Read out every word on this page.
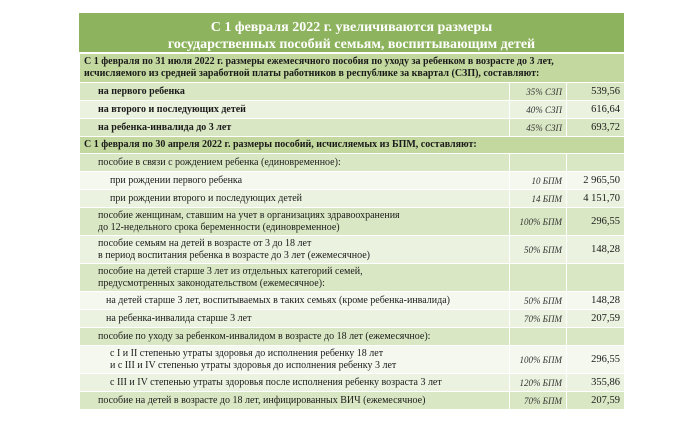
С 1 февраля 2022 г. увеличиваются размеры
государственных пособий семьям, воспитывающим детей
С 1 февраля по 31 июля 2022 г. размеры ежемесячного пособия по уходу за ребенком в возрасте до 3 лет,
исчисляемого из средней заработной платы работников в республике за квартал (СЗП), составляют:		

на первого ребенка	35% СЗП	539,56
на второго и последующих детей	40% СЗП	616,64
на ребенка-инвалида до 3 лет	45% СЗП	693,72
С 1 февраля по 30 апреля 2022 г. размеры пособий, исчисляемых из БПМ, составляют:		
пособие в связи с рождением ребенка (единовременное):		
при рождении первого ребенка	10 БПМ	2 965,50
при рождении второго и последующих детей	14 БПМ	4 151,70

пособие женщинам, ставшим на учет в организациях здравоохранения
до 12-недельного срока беременности (единовременное)	100% БПМ	296,55

пособие семьям на детей в возрасте от 3 до 18 лет
в период воспитания ребенка в возрасте до 3 лет (ежемесячное)	50% БПМ	148,28

пособие на детей старше 3 лет из отдельных категорий семей,
предусмотренных законодательством (ежемесячное):		

на детей старше 3 лет, воспитываемых в таких семьях (кроме ребенка-инвалида)	50% БПМ	148,28
на ребенка-инвалида старше 3 лет	70% БПМ	207,59
пособие по уходу за ребенком-инвалидом в возрасте до 18 лет (ежемесячное):		

с I и II степенью утраты здоровья до исполнения ребенку 18 лет
и с III и IV степенью утраты здоровья до исполнения ребенку 3 лет	100% БПМ	296,55
с III и IV степенью утраты здоровья после исполнения ребенку возраста 3 лет	120% БПМ	355,86
пособие на детей в возрасте до 18 лет, инфицированных ВИЧ (ежемесячное)	70% БПМ	207,59
